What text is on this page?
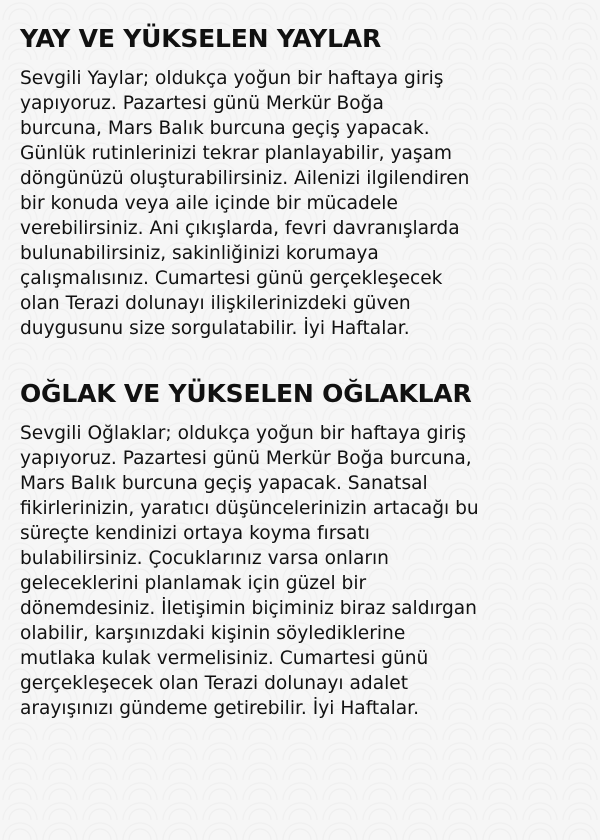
YAY VE YÜKSELEN YAYLAR

Sevgili Yaylar; oldukça yoğun bir haftaya giriş
yapıyoruz. Pazartesi günü Merkür Boğa
burcuna, Mars Balık burcuna geçiş yapacak.
Günlük rutinlerinizi tekrar planlayabilir, yaşam
döngünüzü oluşturabilirsiniz. Ailenizi ilgilendiren
bir konuda veya aile içinde bir mücadele
verebilirsiniz. Ani çıkışlarda, fevri davranışlarda
bulunabilirsiniz, sakinliğinizi korumaya
çalışmalısınız. Cumartesi günü gerçekleşecek
olan Terazi dolunayı ilişkilerinizdeki güven
duygusunu size sorgulatabilir. İyi Haftalar.

OĞLAK VE YÜKSELEN OĞLAKLAR

Sevgili Oğlaklar; oldukça yoğun bir haftaya giriş
yapıyoruz. Pazartesi günü Merkür Boğa burcuna,
Mars Balık burcuna geçiş yapacak. Sanatsal
fikirlerinizin, yaratıcı düşüncelerinizin artacağı bu
süreçte kendinizi ortaya koyma fırsatı
bulabilirsiniz. Çocuklarınız varsa onların
geleceklerini planlamak için güzel bir
dönemdesiniz. İletişimin biçiminiz biraz saldırgan
olabilir, karşınızdaki kişinin söylediklerine
mutlaka kulak vermelisiniz. Cumartesi günü
gerçekleşecek olan Terazi dolunayı adalet
arayışınızı gündeme getirebilir. İyi Haftalar.
